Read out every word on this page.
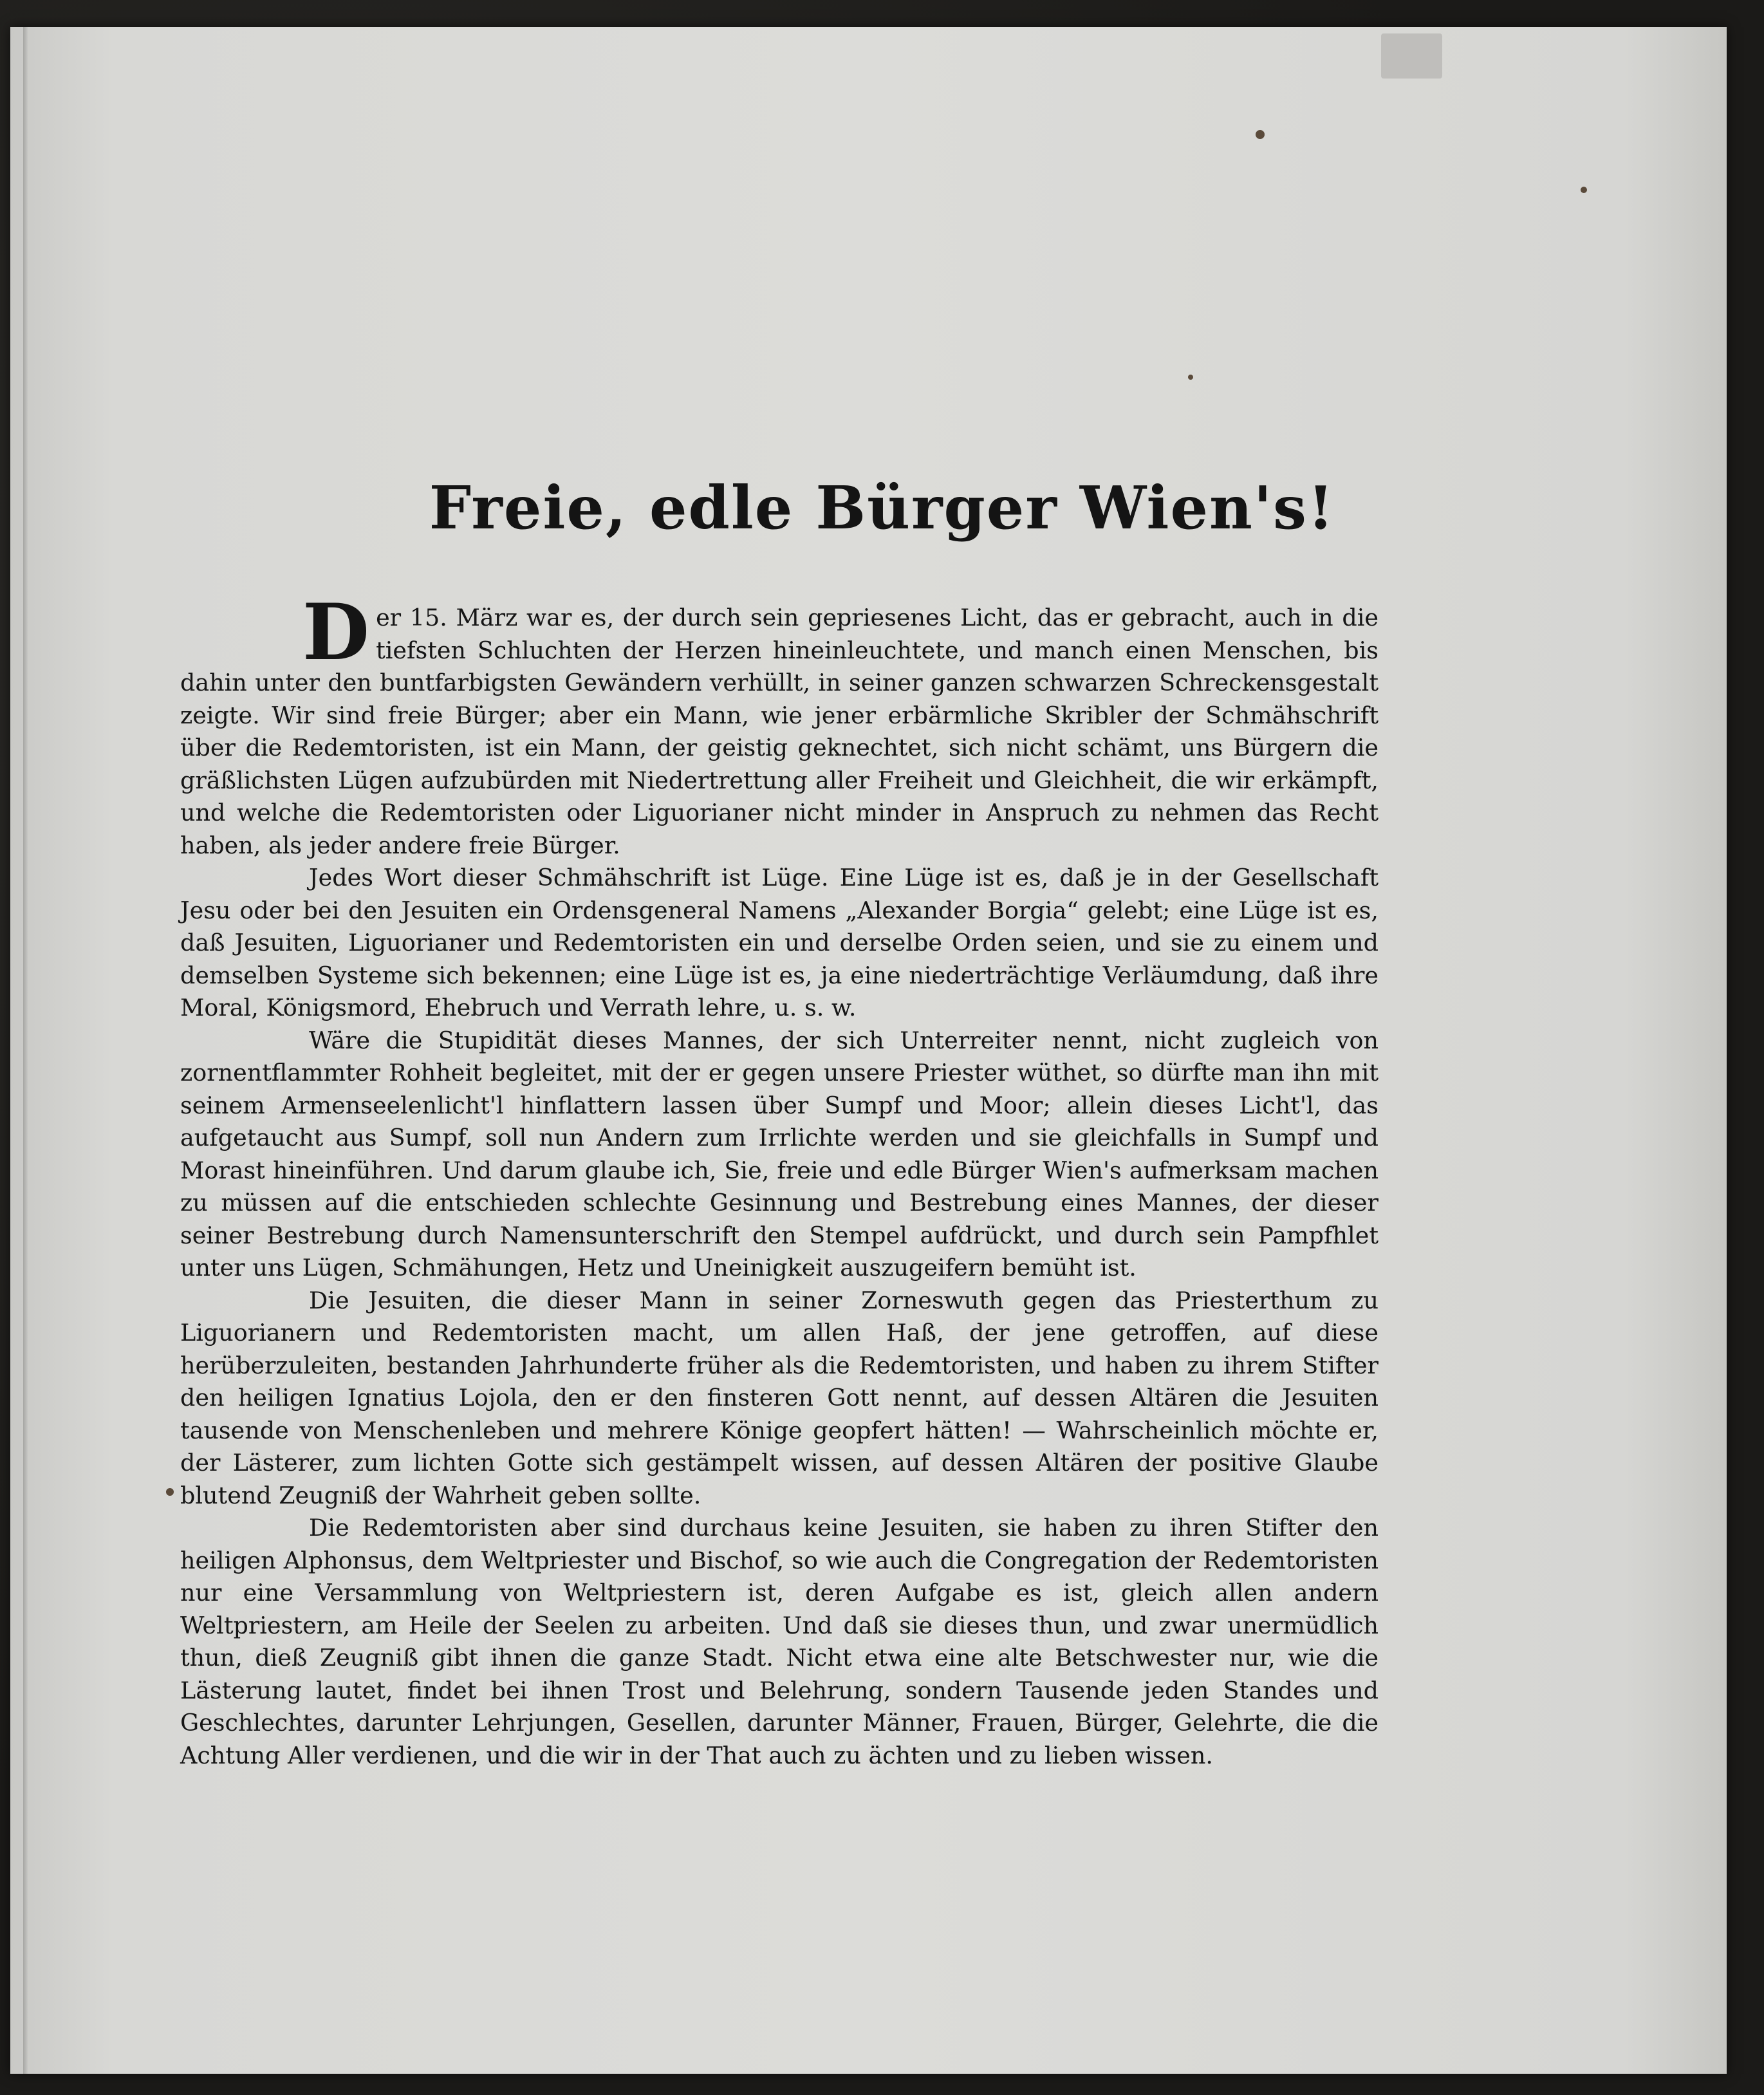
Freie, edle Bürger Wien's!

Der 15. März war es, der durch sein gepriesenes Licht, das er gebracht, auch in die tiefsten Schluchten der Herzen hineinleuchtete, und manch einen Menschen, bis dahin unter den buntfarbigsten Gewändern verhüllt, in seiner ganzen schwarzen Schreckensgestalt zeigte. Wir sind freie Bürger; aber ein Mann, wie jener erbärmliche Skribler der Schmähschrift über die Redemtoristen, ist ein Mann, der geistig geknechtet, sich nicht schämt, uns Bürgern die gräßlichsten Lügen aufzubürden mit Niedertrettung aller Freiheit und Gleichheit, die wir erkämpft, und welche die Redemtoristen oder Liguorianer nicht minder in Anspruch zu nehmen das Recht haben, als jeder andere freie Bürger.

Jedes Wort dieser Schmähschrift ist Lüge. Eine Lüge ist es, daß je in der Gesellschaft Jesu oder bei den Jesuiten ein Ordensgeneral Namens „Alexander Borgia“ gelebt; eine Lüge ist es, daß Jesuiten, Liguorianer und Redemtoristen ein und derselbe Orden seien, und sie zu einem und demselben Systeme sich bekennen; eine Lüge ist es, ja eine niederträchtige Verläumdung, daß ihre Moral, Königsmord, Ehebruch und Verrath lehre, u. s. w.

Wäre die Stupidität dieses Mannes, der sich Unterreiter nennt, nicht zugleich von zornentflammter Rohheit begleitet, mit der er gegen unsere Priester wüthet, so dürfte man ihn mit seinem Armenseelenlicht'l hinflattern lassen über Sumpf und Moor; allein dieses Licht'l, das aufgetaucht aus Sumpf, soll nun Andern zum Irrlichte werden und sie gleichfalls in Sumpf und Morast hineinführen. Und darum glaube ich, Sie, freie und edle Bürger Wien's aufmerksam machen zu müssen auf die entschieden schlechte Gesinnung und Bestrebung eines Mannes, der dieser seiner Bestrebung durch Namensunterschrift den Stempel aufdrückt, und durch sein Pampfhlet unter uns Lügen, Schmähungen, Hetz und Uneinigkeit auszugeifern bemüht ist.

Die Jesuiten, die dieser Mann in seiner Zorneswuth gegen das Priesterthum zu Liguorianern und Redemtoristen macht, um allen Haß, der jene getroffen, auf diese herüberzuleiten, bestanden Jahrhunderte früher als die Redemtoristen, und haben zu ihrem Stifter den heiligen Ignatius Lojola, den er den finsteren Gott nennt, auf dessen Altären die Jesuiten tausende von Menschenleben und mehrere Könige geopfert hätten! — Wahrscheinlich möchte er, der Lästerer, zum lichten Gotte sich gestämpelt wissen, auf dessen Altären der positive Glaube blutend Zeugniß der Wahrheit geben sollte.

Die Redemtoristen aber sind durchaus keine Jesuiten, sie haben zu ihren Stifter den heiligen Alphonsus, dem Weltpriester und Bischof, so wie auch die Congregation der Redemtoristen nur eine Versammlung von Weltpriestern ist, deren Aufgabe es ist, gleich allen andern Weltpriestern, am Heile der Seelen zu arbeiten. Und daß sie dieses thun, und zwar unermüdlich thun, dieß Zeugniß gibt ihnen die ganze Stadt. Nicht etwa eine alte Betschwester nur, wie die Lästerung lautet, findet bei ihnen Trost und Belehrung, sondern Tausende jeden Standes und Geschlechtes, darunter Lehrjungen, Gesellen, darunter Männer, Frauen, Bürger, Gelehrte, die die Achtung Aller verdienen, und die wir in der That auch zu ächten und zu lieben wissen.
